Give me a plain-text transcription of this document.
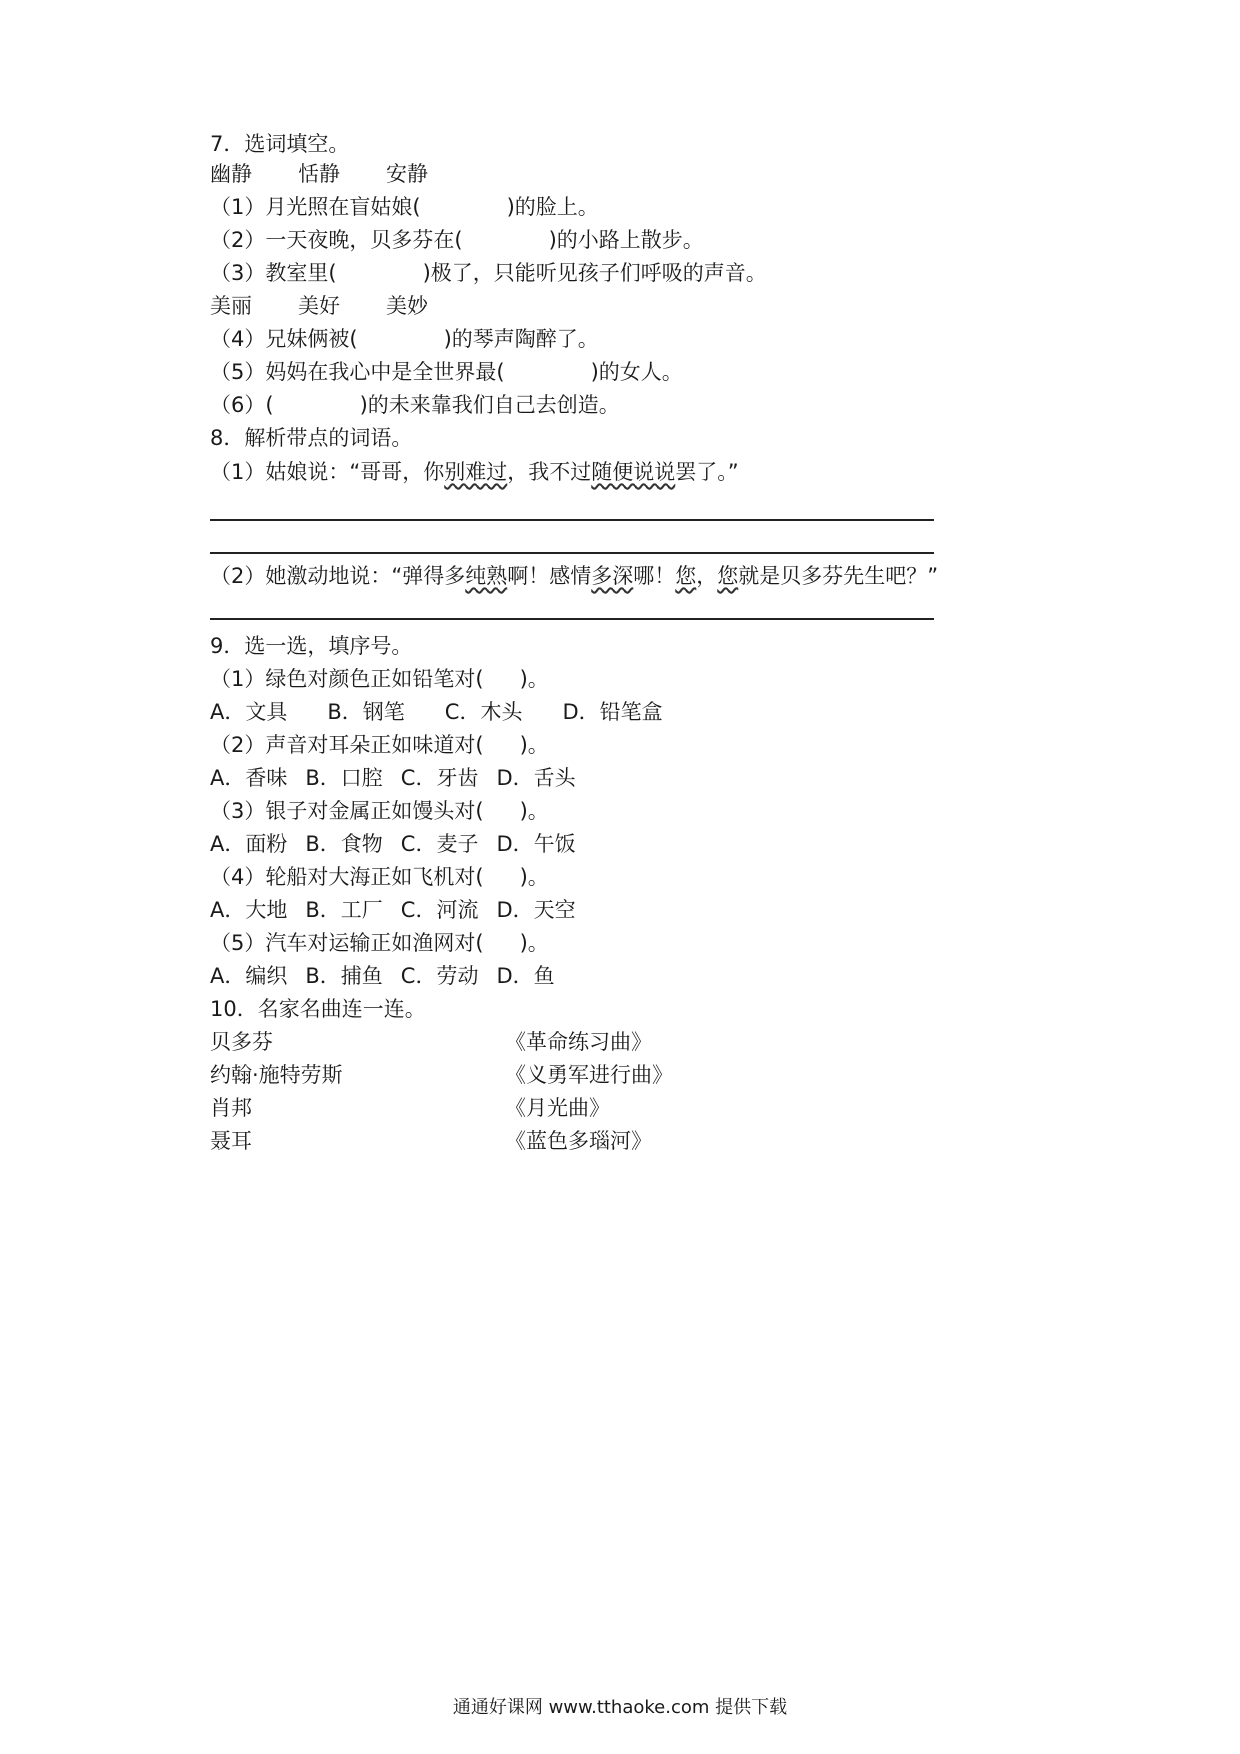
7．选词填空。
幽静 恬静 安静
（1）月光照在盲姑娘(	)的脸上。
（2）一天夜晚，贝多芬在(	)的小路上散步。
（3）教室里(	)极了，只能听见孩子们呼吸的声音。
美丽 美好 美妙
（4）兄妹俩被(	)的琴声陶醉了。
（5）妈妈在我心中是全世界最(	)的女人。
（6）(	)的未来靠我们自己去创造。
8．解析带点的词语。
（1）姑娘说：“哥哥，你别难过，我不过随便说说罢了。”
（2）她激动地说：“弹得多纯熟啊！感情多深哪！您，您就是贝多芬先生吧？”
9．选一选，填序号。
（1）绿色对颜色正如铅笔对( )。
A．文具 B．钢笔 C．木头 D．铅笔盒
（2）声音对耳朵正如味道对( )。
A．香味 B．口腔 C．牙齿 D．舌头
（3）银子对金属正如馒头对( )。
A．面粉 B．食物 C．麦子 D．午饭
（4）轮船对大海正如飞机对( )。
A．大地 B．工厂 C．河流 D．天空
（5）汽车对运输正如渔网对( )。
A．编织 B．捕鱼 C．劳动 D．鱼
10．名家名曲连一连。
贝多芬	《革命练习曲》
约翰·施特劳斯	《义勇军进行曲》
肖邦	《月光曲》
聂耳	《蓝色多瑙河》
通通好课网 www.tthaoke.com 提供下载
